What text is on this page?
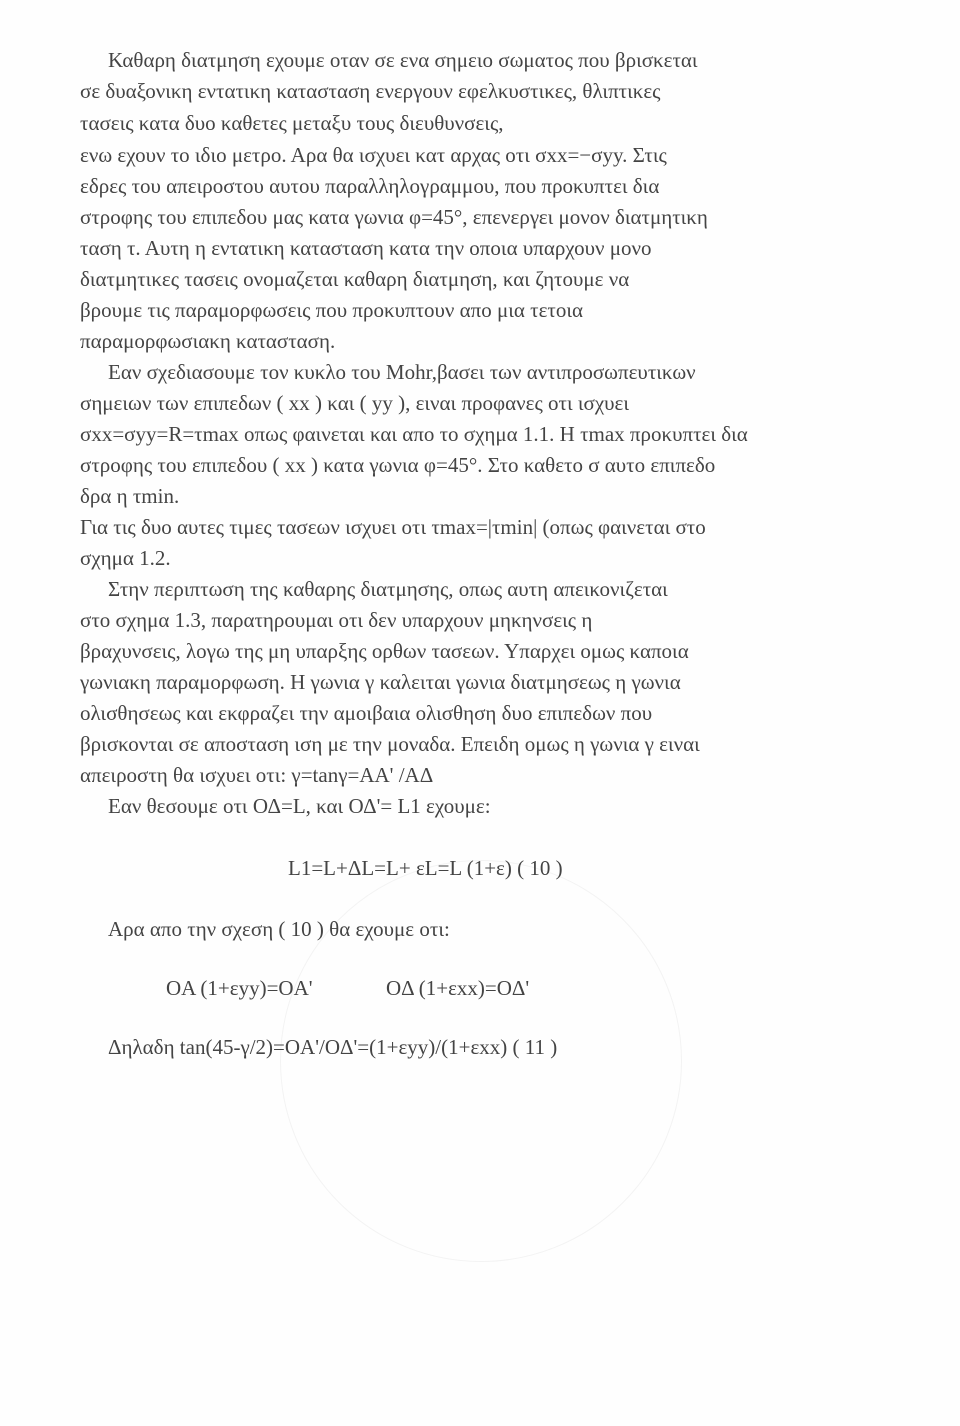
Καθαρη διατμηση εχουμε οταν σε ενα σημειο σωματος που βρισκεται
σε δυαξονικη εντατικη κατασταση ενεργουν εφελκυστικες, θλιπτικες
τασεις κατα δυο καθετες μεταξυ τους διευθυνσεις,
ενω εχουν το ιδιο μετρο. Αρα θα ισχυει κατ αρχας οτι σxx=−σyy. Στις
εδρες του απειροστου αυτου παραλληλογραμμου, που προκυπτει δια
στροφης του επιπεδου μας κατα γωνια φ=45°, επενεργει μονον διατμητικη
ταση τ. Αυτη η εντατικη κατασταση κατα την οποια υπαρχουν μονο
διατμητικες τασεις ονομαζεται καθαρη διατμηση, και ζητουμε να
βρουμε τις παραμορφωσεις που προκυπτουν απο μια τετοια
παραμορφωσιακη κατασταση.
Εαν σχεδιασουμε τον κυκλο του Mohr,βασει των αντιπροσωπευτικων
σημειων των επιπεδων ( xx ) και ( yy ), ειναι προφανες οτι ισχυει
σxx=σyy=R=τmax οπως φαινεται και απο το σχημα 1.1. Η τmax προκυπτει δια
στροφης του επιπεδου ( xx ) κατα γωνια φ=45°. Στο καθετο σ αυτο επιπεδο
δρα η τmin.
Για τις δυο αυτες τιμες τασεων ισχυει οτι τmax=|τmin| (οπως φαινεται στο
σχημα 1.2.
Στην περιπτωση της καθαρης διατμησης, οπως αυτη απεικονιζεται
στο σχημα 1.3, παρατηρουμαι οτι δεν υπαρχουν μηκηνσεις η
βραχυνσεις, λογω της μη υπαρξης ορθων τασεων. Υπαρχει ομως καποια
γωνιακη παραμορφωση. Η γωνια γ καλειται γωνια διατμησεως η γωνια
ολισθησεως και εκφραζει την αμοιβαια ολισθηση δυο επιπεδων που
βρισκονται σε αποσταση ιση με την μοναδα. Επειδη ομως η γωνια γ ειναι
απειροστη θα ισχυει οτι: γ=tanγ=AA' /AΔ
Εαν θεσουμε οτι ΟΔ=L, και ΟΔ'= L1 εχουμε:
L1=L+ΔL=L+ εL=L (1+ε) ( 10 )
Αρα απο την σχεση ( 10 ) θα εχουμε οτι:
OA (1+εyy)=OA'	OΔ (1+εxx)=OΔ'
Δηλαδη tan(45-γ/2)=OA'/OΔ'=(1+εyy)/(1+εxx) ( 11 )
